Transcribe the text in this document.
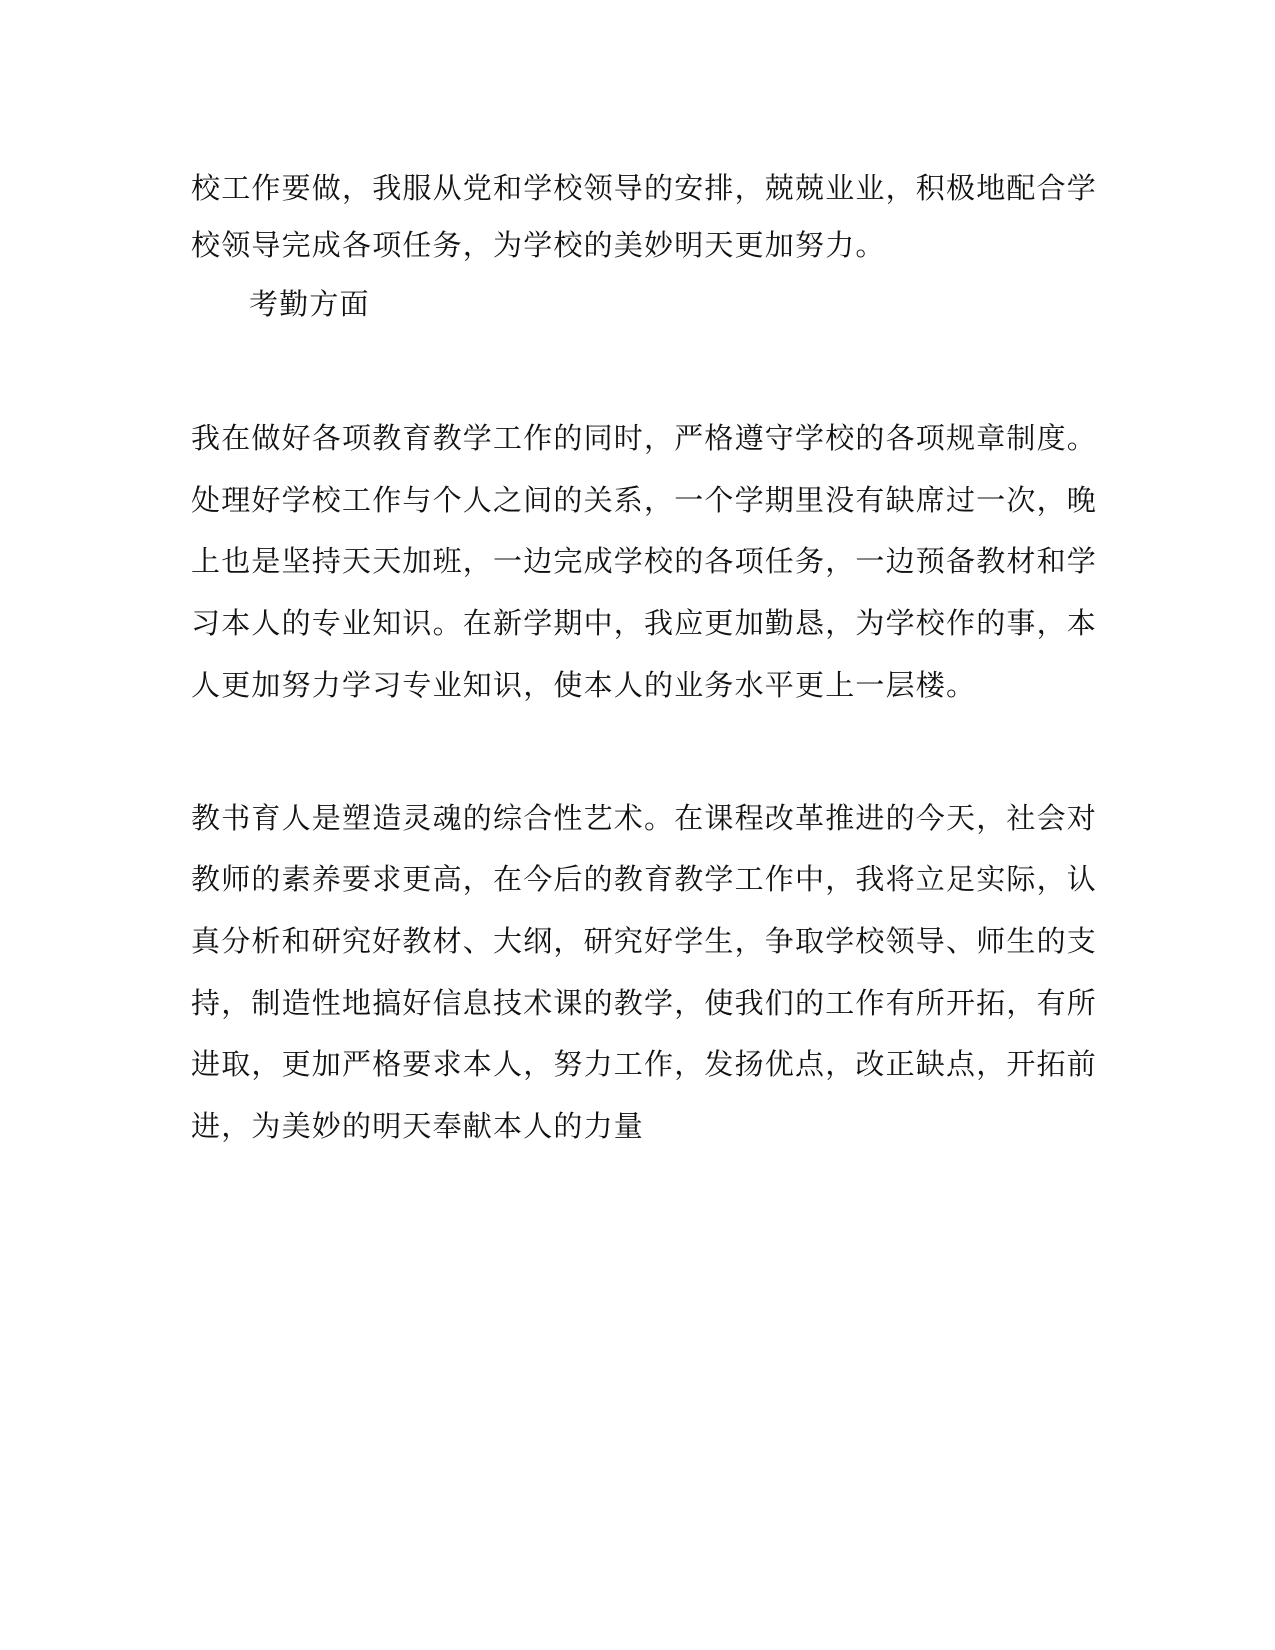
校工作要做，我服从党和学校领导的安排，兢兢业业，积极地配合学
校领导完成各项任务，为学校的美妙明天更加努力。
考勤方面
我在做好各项教育教学工作的同时，严格遵守学校的各项规章制度。
处理好学校工作与个人之间的关系，一个学期里没有缺席过一次，晚
上也是坚持天天加班，一边完成学校的各项任务，一边预备教材和学
习本人的专业知识。在新学期中，我应更加勤恳，为学校作的事，本
人更加努力学习专业知识，使本人的业务水平更上一层楼。
教书育人是塑造灵魂的综合性艺术。在课程改革推进的今天，社会对
教师的素养要求更高，在今后的教育教学工作中，我将立足实际，认
真分析和研究好教材、大纲，研究好学生，争取学校领导、师生的支
持，制造性地搞好信息技术课的教学，使我们的工作有所开拓，有所
进取，更加严格要求本人，努力工作，发扬优点，改正缺点，开拓前
进，为美妙的明天奉献本人的力量
